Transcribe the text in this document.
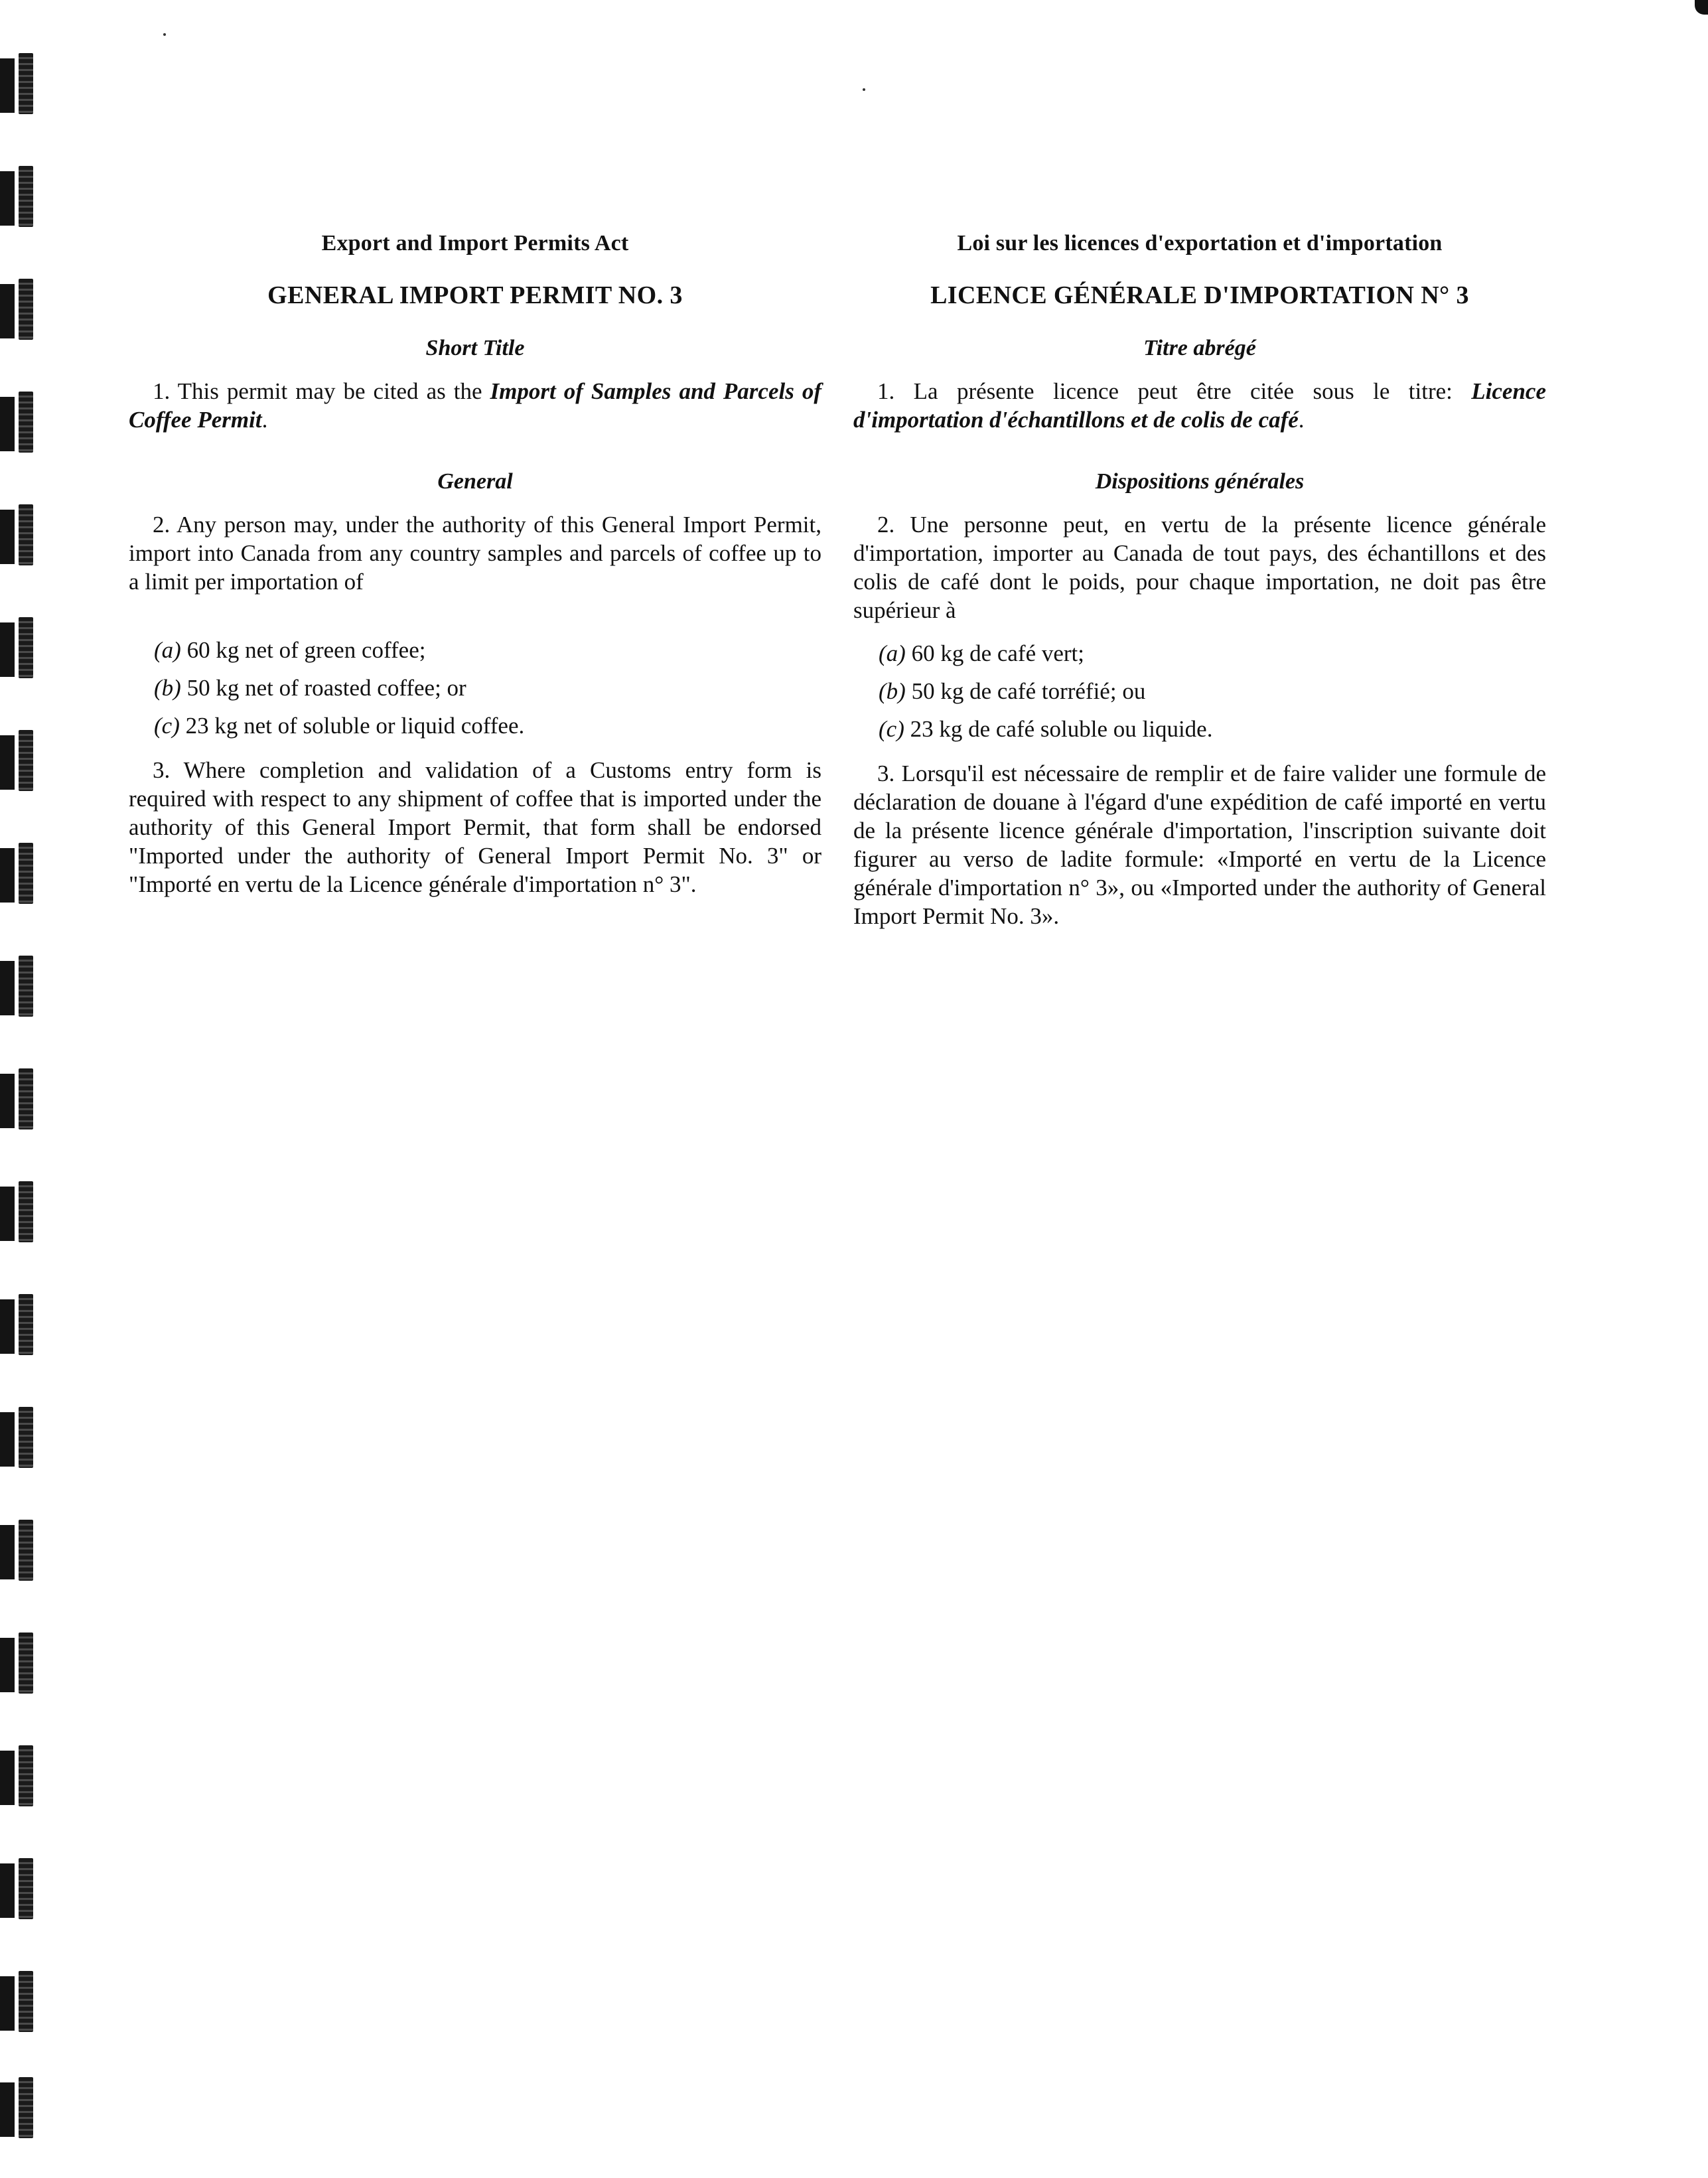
Export and Import Permits Act
GENERAL IMPORT PERMIT NO. 3
Short Title

1. This permit may be cited as the Import of Samples and Parcels of Coffee Permit.

General

2. Any person may, under the authority of this General Import Permit, import into Canada from any country samples and parcels of coffee up to a limit per importation of

(a) 60 kg net of green coffee;
(b) 50 kg net of roasted coffee; or
(c) 23 kg net of soluble or liquid coffee.

3. Where completion and validation of a Customs entry form is required with respect to any shipment of coffee that is imported under the authority of this General Import Permit, that form shall be endorsed "Imported under the authority of General Import Permit No. 3" or "Importé en vertu de la Licence générale d'importation n° 3".

Loi sur les licences d'exportation et d'importation
LICENCE GÉNÉRALE D'IMPORTATION N° 3
Titre abrégé

1. La présente licence peut être citée sous le titre: Licence d'importation d'échantillons et de colis de café.

Dispositions générales

2. Une personne peut, en vertu de la présente licence générale d'importation, importer au Canada de tout pays, des échantillons et des colis de café dont le poids, pour chaque importation, ne doit pas être supérieur à

(a) 60 kg de café vert;
(b) 50 kg de café torréfié; ou
(c) 23 kg de café soluble ou liquide.

3. Lorsqu'il est nécessaire de remplir et de faire valider une formule de déclaration de douane à l'égard d'une expédition de café importé en vertu de la présente licence générale d'importation, l'inscription suivante doit figurer au verso de ladite formule: «Importé en vertu de la Licence générale d'importation n° 3», ou «Imported under the authority of General Import Permit No. 3».
